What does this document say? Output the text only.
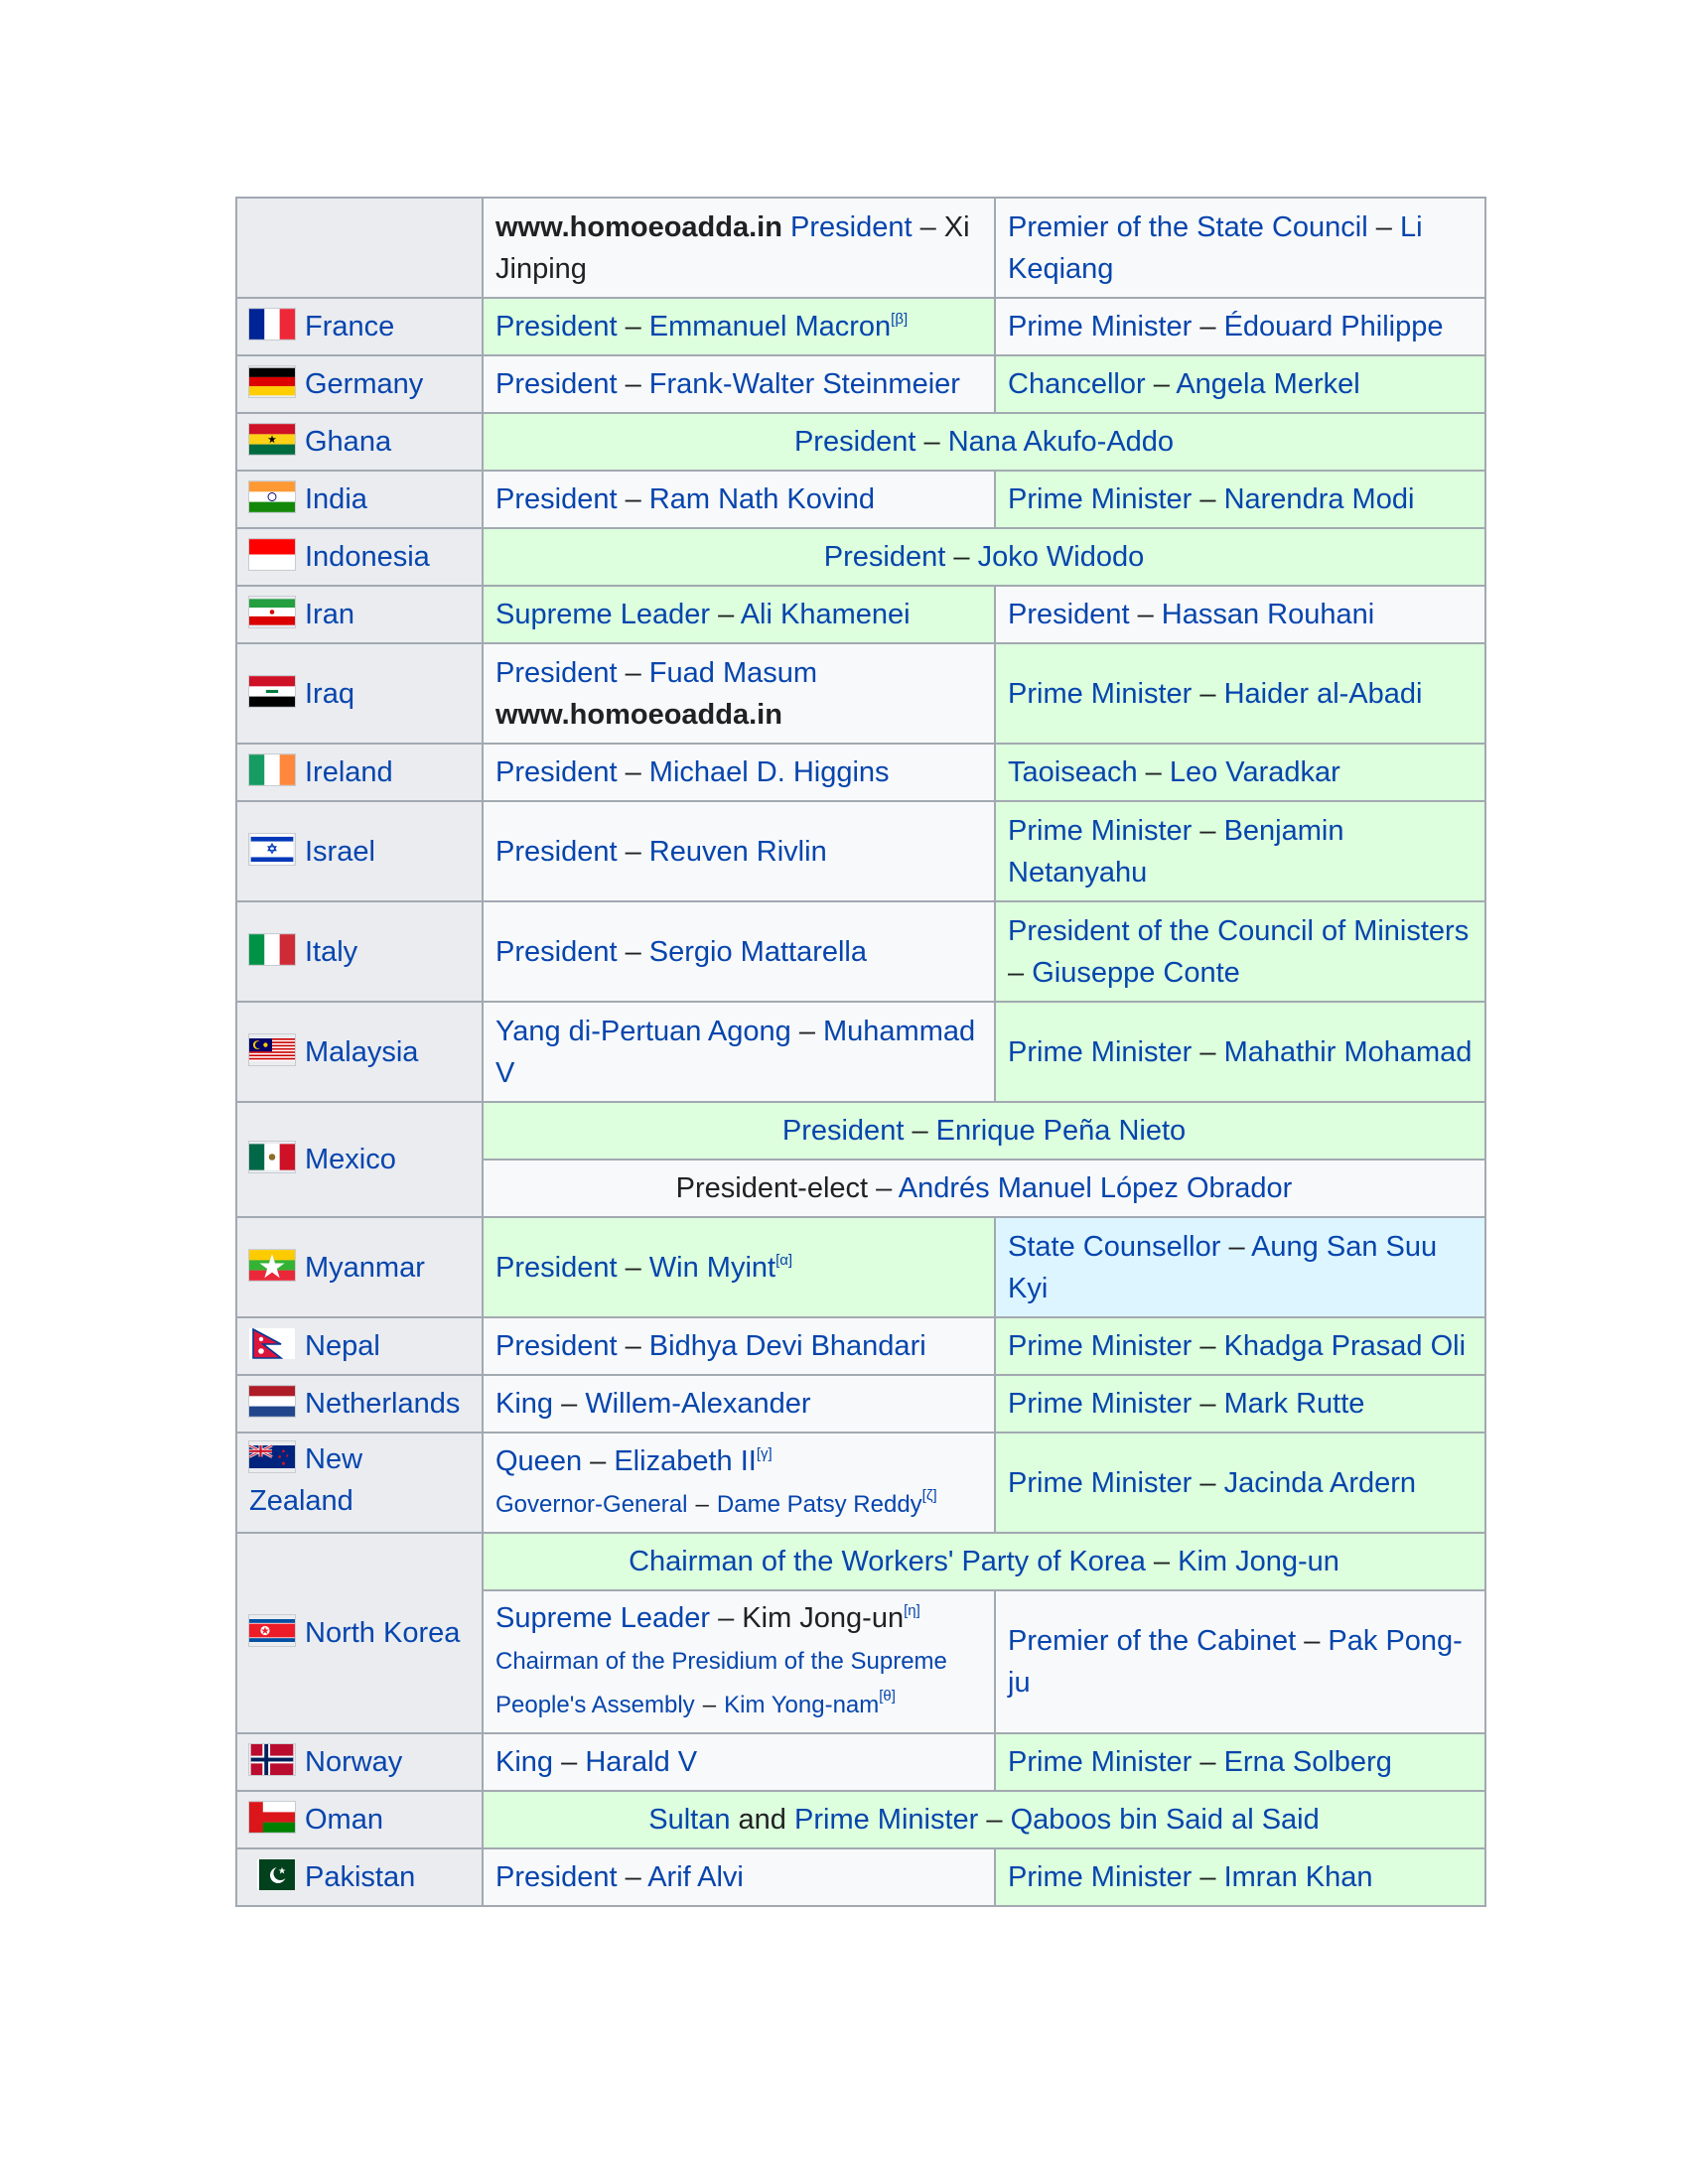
	www.homoeoadda.in President – Xi Jinping	Premier of the State Council – Li Keqiang

France	President – Emmanuel Macron[β]	Prime Minister – Édouard Philippe

Germany	President – Frank-Walter Steinmeier	Chancellor – Angela Merkel

Ghana	President – Nana Akufo-Addo	

India	President – Ram Nath Kovind	Prime Minister – Narendra Modi

Indonesia	President – Joko Widodo	

Iran	Supreme Leader – Ali Khamenei	President – Hassan Rouhani

Iraq	President – Fuad Masum
www.homoeoadda.in	Prime Minister – Haider al-Abadi

Ireland	President – Michael D. Higgins	Taoiseach – Leo Varadkar

Israel	President – Reuven Rivlin	Prime Minister – Benjamin Netanyahu

Italy	President – Sergio Mattarella	President of the Council of Ministers – Giuseppe Conte

Malaysia	Yang di-Pertuan Agong – Muhammad V	Prime Minister – Mahathir Mohamad

Mexico	President – Enrique Peña Nieto	
	President-elect – Andrés Manuel López Obrador	

Myanmar	President – Win Myint[α]	State Counsellor – Aung San Suu Kyi

Nepal	President – Bidhya Devi Bhandari	Prime Minister – Khadga Prasad Oli

Netherlands	King – Willem-Alexander	Prime Minister – Mark Rutte

New Zealand	Queen – Elizabeth II[γ]
Governor-General – Dame Patsy Reddy[ζ]	Prime Minister – Jacinda Ardern

North Korea	Chairman of the Workers' Party of Korea – Kim Jong-un	
	Supreme Leader – Kim Jong-un[η]
Chairman of the Presidium of the Supreme People's Assembly – Kim Yong-nam[θ]	Premier of the Cabinet – Pak Pong-ju

Norway	King – Harald V	Prime Minister – Erna Solberg

Oman	Sultan and Prime Minister – Qaboos bin Said al Said	

Pakistan	President – Arif Alvi	Prime Minister – Imran Khan
